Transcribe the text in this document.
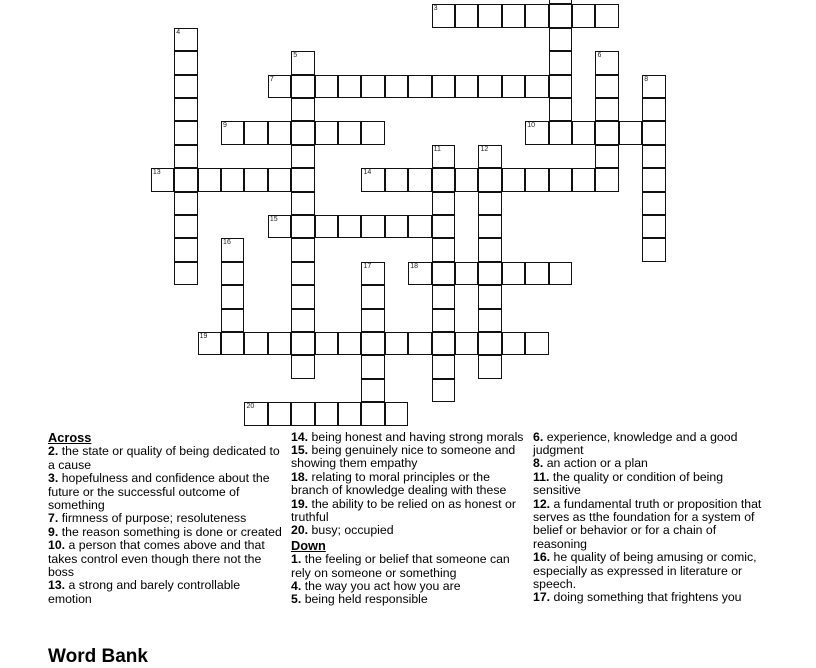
3
4
5	6
7	8
9	10
11	12
13	14
15
16
17	18
19
20
Across
2. the state or quality of being dedicated to a cause
3. hopefulness and confidence about the future or the successful outcome of something
7. firmness of purpose; resoluteness
9. the reason something is done or created
10. a person that comes above and that takes control even though there not the boss
13. a strong and barely controllable emotion
14. being honest and having strong morals
15. being genuinely nice to someone and showing them empathy
18. relating to moral principles or the branch of knowledge dealing with these
19. the ability to be relied on as honest or truthful
20. busy; occupied
Down
1. the feeling or belief that someone can rely on someone or something
4. the way you act how you are
5. being held responsible
6. experience, knowledge and a good judgment
8. an action or a plan
11. the quality or condition of being sensitive
12. a fundamental truth or proposition that serves as tthe foundation for a system of belief or behavior or for a chain of reasoning
16. he quality of being amusing or comic, especially as expressed in literature or speech.
17. doing something that frightens you
Word Bank
